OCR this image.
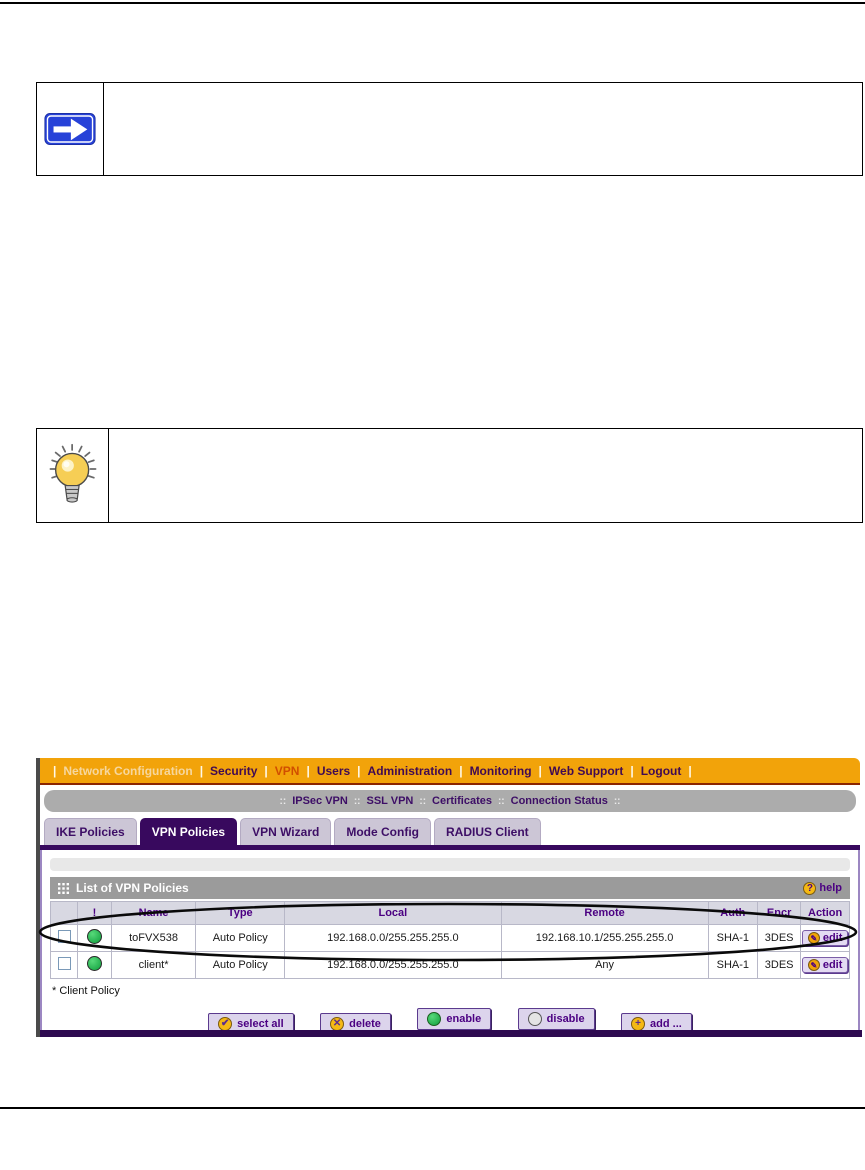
| Network Configuration | Security | VPN | Users | Administration | Monitoring | Web Support | Logout |
:: IPSec VPN :: SSL VPN :: Certificates :: Connection Status ::
IKE Policies	VPN Policies	VPN Wizard	Mode Config	RADIUS Client
List of VPN Policies	? help
	!	Name	Type	Local	Remote	Auth	Encr	Action
		toFVX538	Auto Policy	192.168.0.0/255.255.255.0	192.168.10.1/255.255.255.0	SHA-1	3DES	✎ edit

		client*	Auto Policy	192.168.0.0/255.255.255.0	Any	SHA-1	3DES	✎ edit
* Client Policy
✔ select all
	✕ delete
	enable
	disable
	+ add ...
